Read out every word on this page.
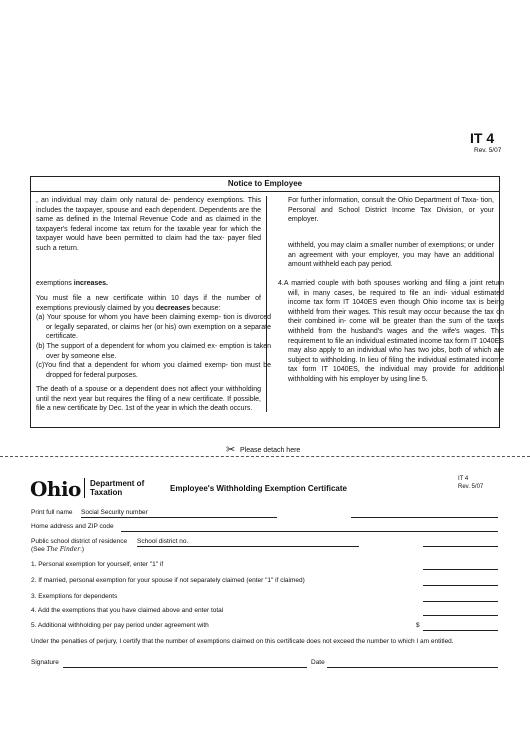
IT 4
Rev. 5/07
Notice to Employee
, an individual may claim only natural de- pendency exemptions. This includes the taxpayer, spouse and each dependent. Dependents are the same as defined in the Internal Revenue Code and as claimed in the taxpayer's federal income tax return for the taxable year for which the taxpayer would have been permitted to claim had the tax- payer filed such a return.
exemptions increases.
You must file a new certificate within 10 days if the number of exemptions previously claimed by you decreases because:
(a) Your spouse for whom you have been claiming exemp- tion is divorced or legally separated, or claims her (or his) own exemption on a separate certificate.
(b) The support of a dependent for whom you claimed ex- emption is taken over by someone else.
(c)You find that a dependent for whom you claimed exemp- tion must be dropped for federal purposes.
The death of a spouse or a dependent does not affect your withholding until the next year but requires the filing of a new certificate. If possible, file a new certificate by Dec. 1st of the year in which the death occurs.
For further information, consult the Ohio Department of Taxa- tion, Personal and School District Income Tax Division, or your employer.
withheld, you may claim a smaller number of exemptions; or under an agreement with your employer, you may have an additional amount withheld each pay period.
4.A married couple with both spouses working and filing a joint return will, in many cases, be required to file an indi- vidual estimated income tax form IT 1040ES even though Ohio income tax is being withheld from their wages. This result may occur because the tax on their combined in- come will be greater than the sum of the taxes withheld from the husband's wages and the wife's wages. This requirement to file an individual estimated income tax form IT 1040ES may also apply to an individual who has two jobs, both of which are subject to withholding. In lieu of filing the individual estimated income tax form IT 1040ES, the individual may provide for additional withholding with his employer by using line 5.
✂ Please detach here
Ohio Department of
Taxation	Employee's Withholding Exemption Certificate
IT 4
Rev. 5/07
Print full name Social Security number
Home address and ZIP code
Public school district of residence School district no.
(See The Finder.)
1. Personal exemption for yourself, enter "1" if
2. If married, personal exemption for your spouse if not separately claimed (enter "1" if claimed)
3. Exemptions for dependents
4. Add the exemptions that you have claimed above and enter total
5. Additional withholding per pay period under agreement with	$
Under the penalties of perjury, I certify that the number of exemptions claimed on this certificate does not exceed the number to which I am entitled.
Signature	Date
